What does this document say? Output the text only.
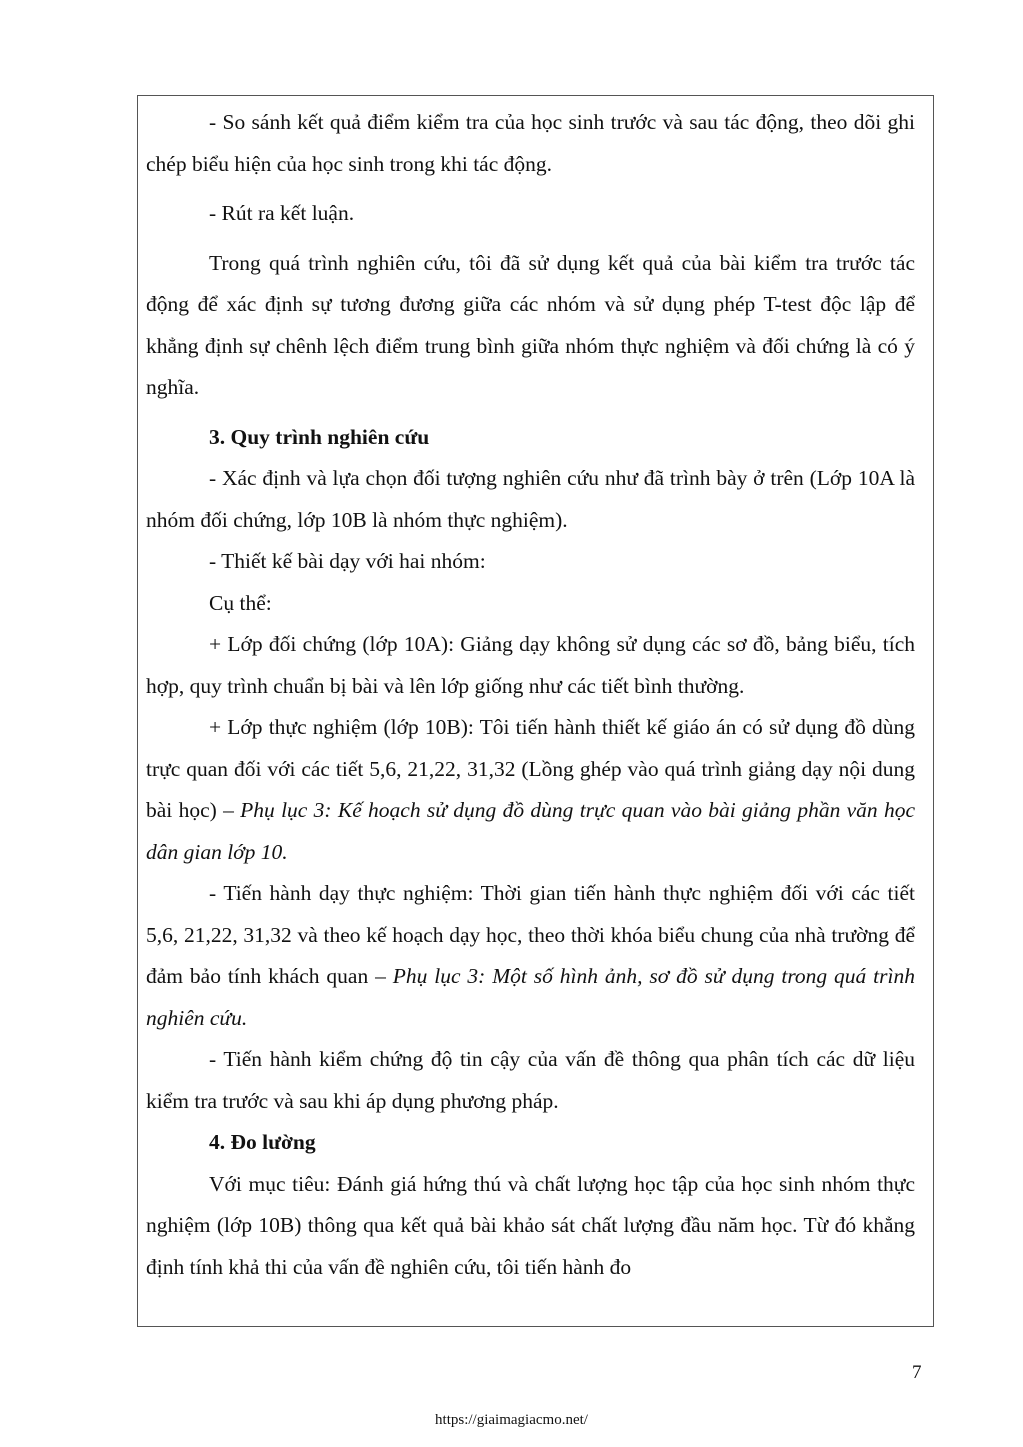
- So sánh kết quả điểm kiểm tra của học sinh trước và sau tác động, theo dõi ghi chép biểu hiện của học sinh trong khi tác động.

- Rút ra kết luận.

Trong quá trình nghiên cứu, tôi đã sử dụng kết quả của bài kiểm tra trước tác động để xác định sự tương đương giữa các nhóm và sử dụng phép T-test độc lập để khẳng định sự chênh lệch điểm trung bình giữa nhóm thực nghiệm và đối chứng là có ý nghĩa.

3. Quy trình nghiên cứu

- Xác định và lựa chọn đối tượng nghiên cứu như đã trình bày ở trên (Lớp 10A là nhóm đối chứng, lớp 10B là nhóm thực nghiệm).

- Thiết kế bài dạy với hai nhóm:

Cụ thể:

+ Lớp đối chứng (lớp 10A): Giảng dạy không sử dụng các sơ đồ, bảng biểu, tích hợp, quy trình chuẩn bị bài và lên lớp giống như các tiết bình thường.

+ Lớp thực nghiệm (lớp 10B): Tôi tiến hành thiết kế giáo án có sử dụng đồ dùng trực quan đối với các tiết 5,6, 21,22, 31,32 (Lồng ghép vào quá trình giảng dạy nội dung bài học) – Phụ lục 3: Kế hoạch sử dụng đồ dùng trực quan vào bài giảng phần văn học dân gian lớp 10.

- Tiến hành dạy thực nghiệm: Thời gian tiến hành thực nghiệm đối với các tiết 5,6, 21,22, 31,32 và theo kế hoạch dạy học, theo thời khóa biểu chung của nhà trường để đảm bảo tính khách quan – Phụ lục 3: Một số hình ảnh, sơ đồ sử dụng trong quá trình nghiên cứu.

- Tiến hành kiểm chứng độ tin cậy của vấn đề thông qua phân tích các dữ liệu kiểm tra trước và sau khi áp dụng phương pháp.

4. Đo lường

Với mục tiêu: Đánh giá hứng thú và chất lượng học tập của học sinh nhóm thực nghiệm (lớp 10B) thông qua kết quả bài khảo sát chất lượng đầu năm học. Từ đó khẳng định tính khả thi của vấn đề nghiên cứu, tôi tiến hành đo

7
https://giaimagiacmo.net/
